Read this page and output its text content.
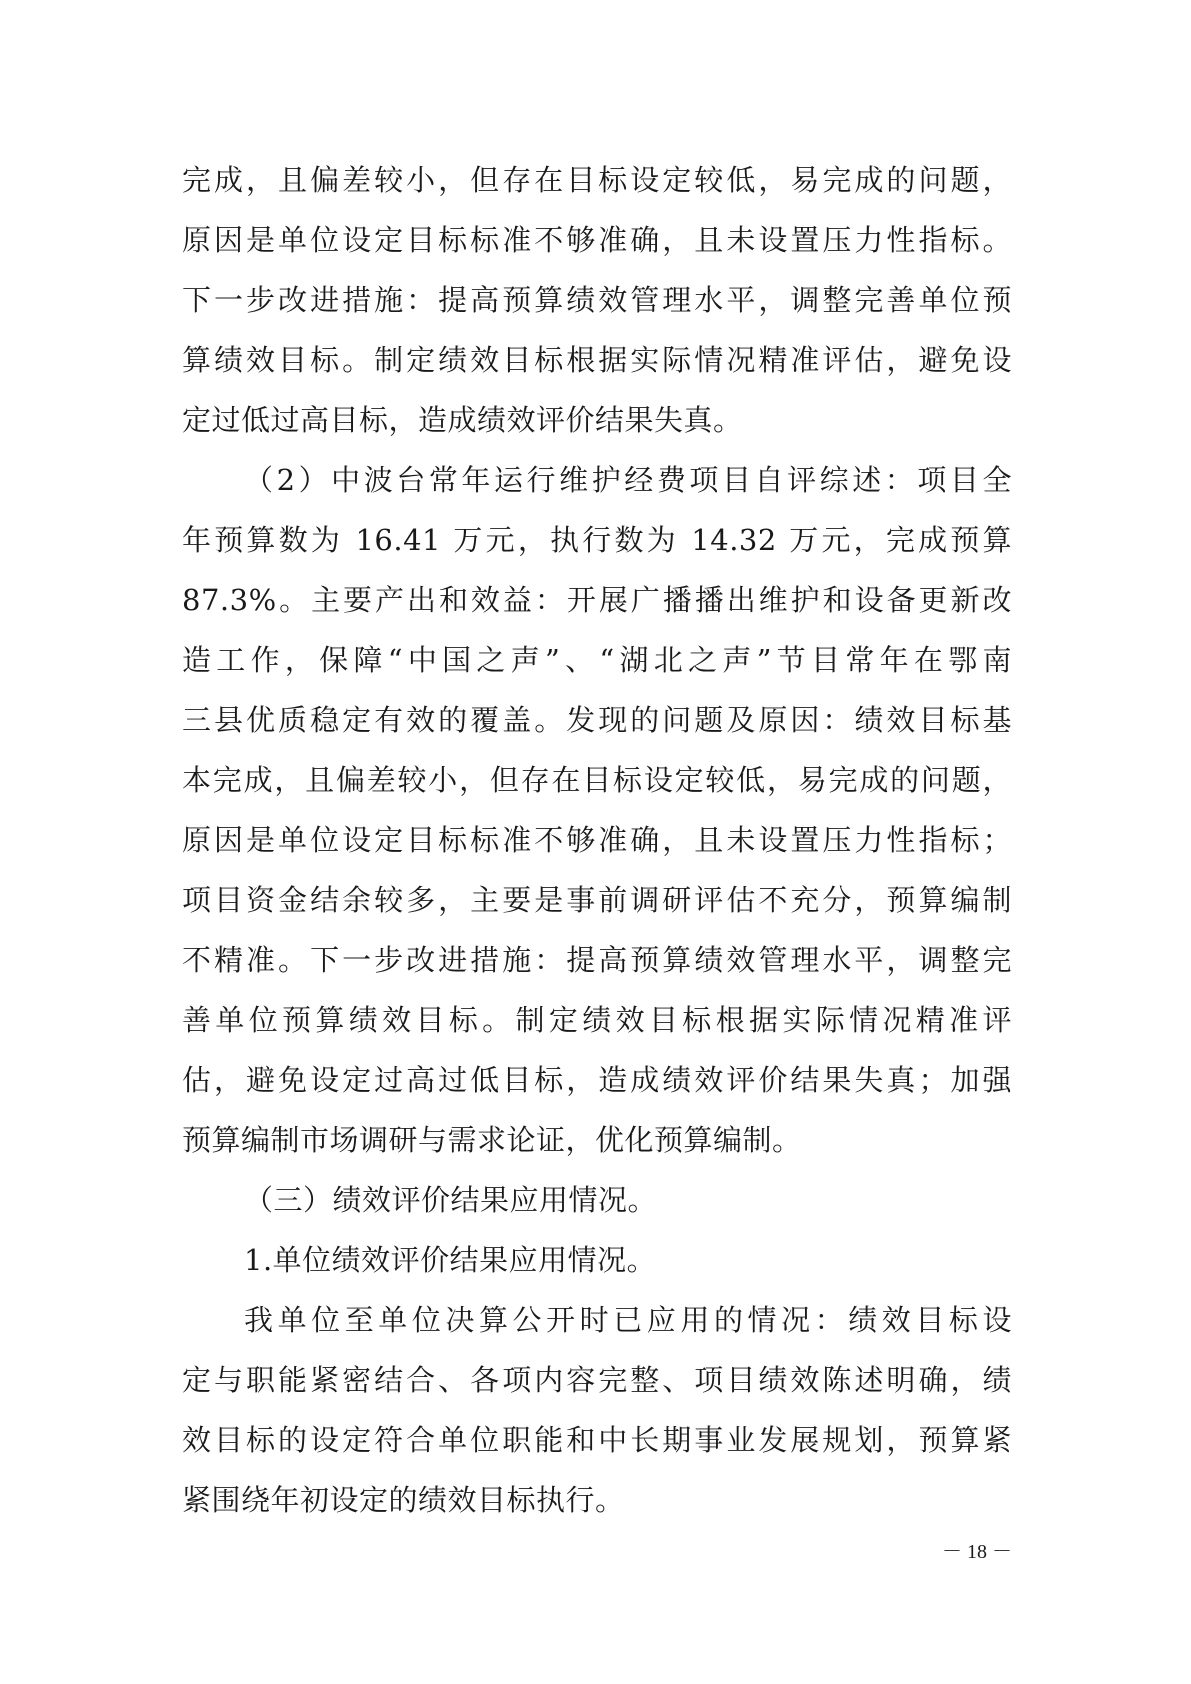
完成，且偏差较小，但存在目标设定较低，易完成的问题，
原因是单位设定目标标准不够准确，且未设置压力性指标。
下一步改进措施：提高预算绩效管理水平，调整完善单位预
算绩效目标。制定绩效目标根据实际情况精准评估，避免设
定过低过高目标，造成绩效评价结果失真。
（2）中波台常年运行维护经费项目自评综述：项目全
年预算数为 16.41 万元，执行数为 14.32 万元，完成预算
87.3%。主要产出和效益：开展广播播出维护和设备更新改
造工作，保障“中国之声”、“湖北之声”节目常年在鄂南
三县优质稳定有效的覆盖。发现的问题及原因：绩效目标基
本完成，且偏差较小，但存在目标设定较低，易完成的问题，
原因是单位设定目标标准不够准确，且未设置压力性指标；
项目资金结余较多，主要是事前调研评估不充分，预算编制
不精准。下一步改进措施：提高预算绩效管理水平，调整完
善单位预算绩效目标。制定绩效目标根据实际情况精准评
估，避免设定过高过低目标，造成绩效评价结果失真；加强
预算编制市场调研与需求论证，优化预算编制。
（三）绩效评价结果应用情况。
1.单位绩效评价结果应用情况。
我单位至单位决算公开时已应用的情况：绩效目标设
定与职能紧密结合、各项内容完整、项目绩效陈述明确，绩
效目标的设定符合单位职能和中长期事业发展规划，预算紧
紧围绕年初设定的绩效目标执行。
－ 18 －
